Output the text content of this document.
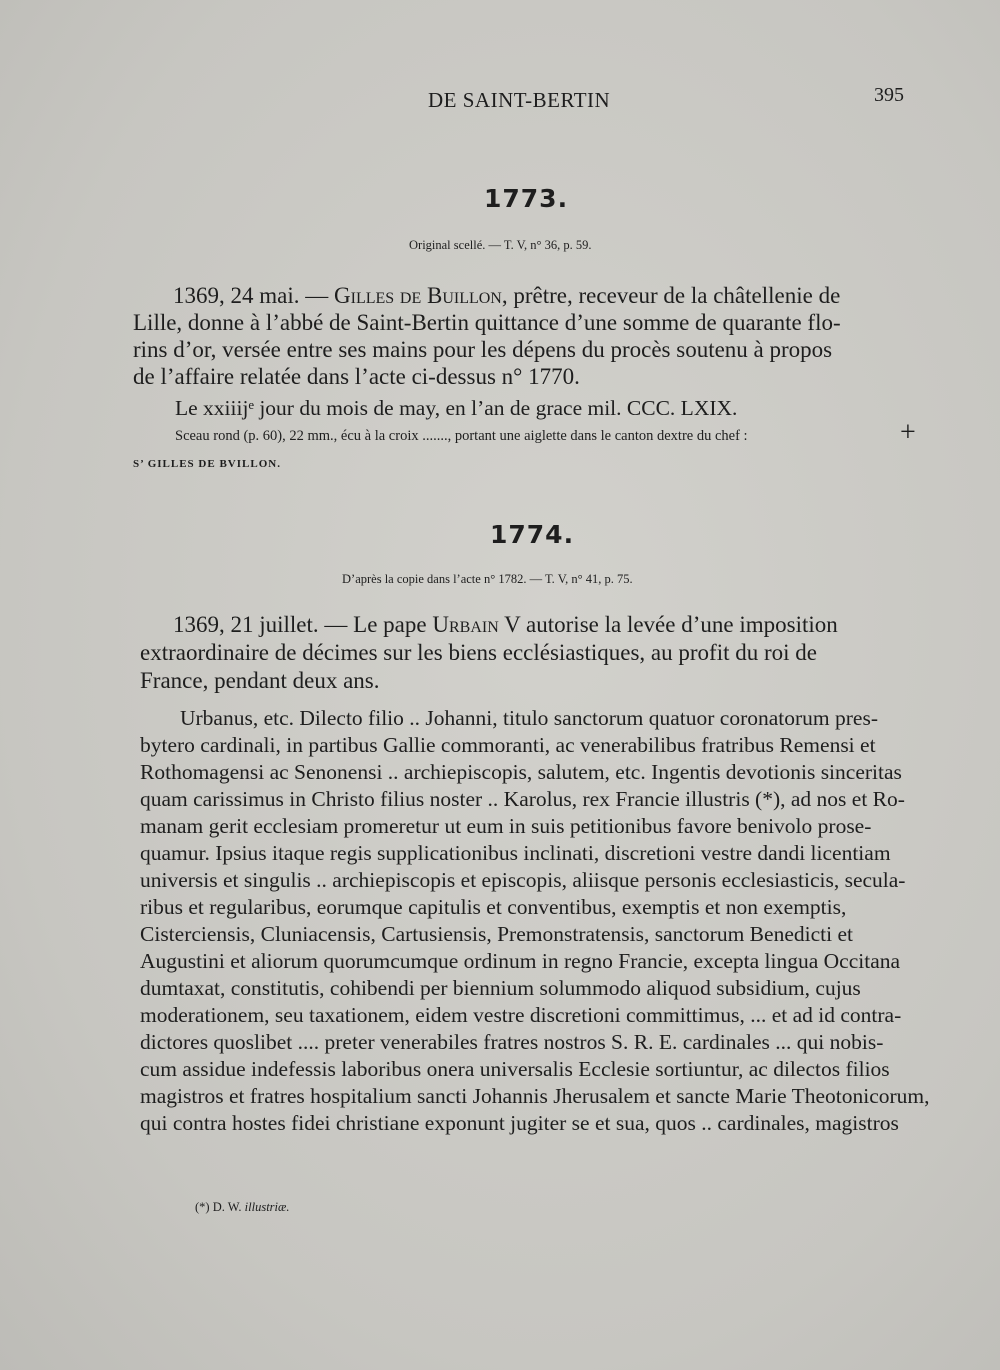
DE SAINT-BERTIN	395
1773.
Original scellé. — T. V, n° 36, p. 59.
1369, 24 mai. — Gilles de Buillon, prêtre, receveur de la châtellenie de
Lille, donne à l’abbé de Saint-Bertin quittance d’une somme de quarante flo-
rins d’or, versée entre ses mains pour les dépens du procès soutenu à propos
de l’affaire relatée dans l’acte ci-dessus n° 1770.
Le xxiiijᵉ jour du mois de may, en l’an de grace mil. CCC. LXIX.
Sceau rond (p. 60), 22 mm., écu à la croix ......., portant une aiglette dans le canton dextre du chef :	+
S’ GILLES DE BVILLON.
1774.
D’après la copie dans l’acte n° 1782. — T. V, n° 41, p. 75.
1369, 21 juillet. — Le pape Urbain V autorise la levée d’une imposition
extraordinaire de décimes sur les biens ecclésiastiques, au profit du roi de
France, pendant deux ans.
Urbanus, etc. Dilecto filio .. Johanni, titulo sanctorum quatuor coronatorum pres-
bytero cardinali, in partibus Gallie commoranti, ac venerabilibus fratribus Remensi et
Rothomagensi ac Senonensi .. archiepiscopis, salutem, etc. Ingentis devotionis sinceritas
quam carissimus in Christo filius noster .. Karolus, rex Francie illustris (*), ad nos et Ro-
manam gerit ecclesiam promeretur ut eum in suis petitionibus favore benivolo prose-
quamur. Ipsius itaque regis supplicationibus inclinati, discretioni vestre dandi licentiam
universis et singulis .. archiepiscopis et episcopis, aliisque personis ecclesiasticis, secula-
ribus et regularibus, eorumque capitulis et conventibus, exemptis et non exemptis,
Cisterciensis, Cluniacensis, Cartusiensis, Premonstratensis, sanctorum Benedicti et
Augustini et aliorum quorumcumque ordinum in regno Francie, excepta lingua Occitana
dumtaxat, constitutis, cohibendi per biennium solummodo aliquod subsidium, cujus
moderationem, seu taxationem, eidem vestre discretioni committimus, ... et ad id contra-
dictores quoslibet .... preter venerabiles fratres nostros S. R. E. cardinales ... qui nobis-
cum assidue indefessis laboribus onera universalis Ecclesie sortiuntur, ac dilectos filios
magistros et fratres hospitalium sancti Johannis Jherusalem et sancte Marie Theotonicorum,
qui contra hostes fidei christiane exponunt jugiter se et sua, quos .. cardinales, magistros
(*) D. W. illustriæ.
